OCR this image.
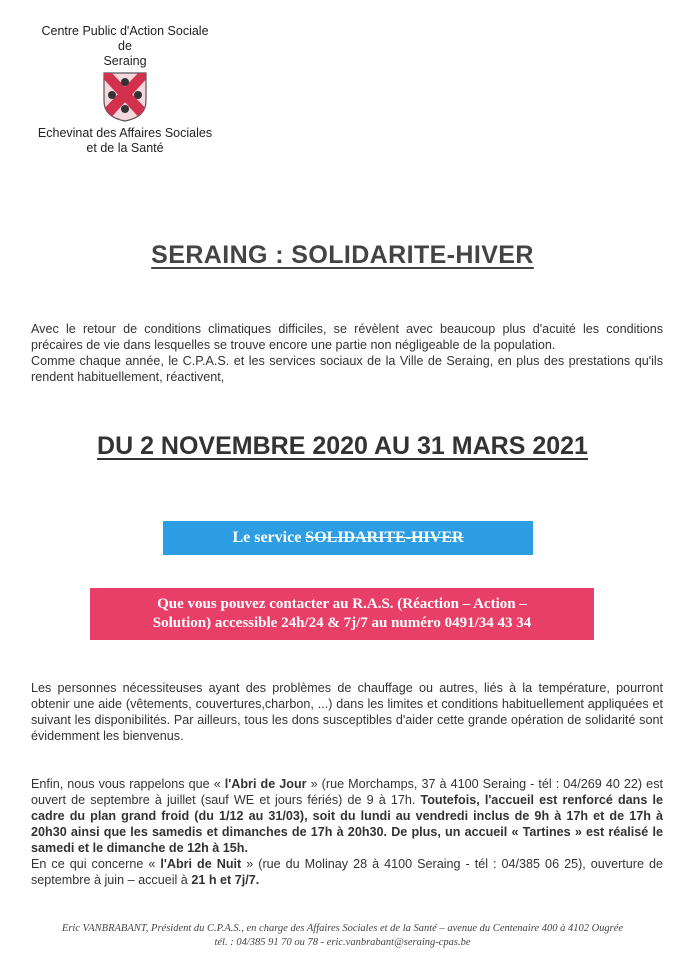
Centre Public d'Action Sociale
de
Seraing
Echevinat des Affaires Sociales
et de la Santé
SERAING : SOLIDARITE-HIVER
Avec le retour de conditions climatiques difficiles, se révèlent avec beaucoup plus d'acuité les conditions précaires de vie dans lesquelles se trouve encore une partie non négligeable de la population.
Comme chaque année, le C.P.A.S. et les services sociaux de la Ville de Seraing, en plus des prestations qu'ils rendent habituellement, réactivent,
DU 2 NOVEMBRE 2020 AU 31 MARS 2021
Le service SOLIDARITE-HIVER
Que vous pouvez contacter au R.A.S. (Réaction – Action –
Solution) accessible 24h/24 & 7j/7 au numéro 0491/34 43 34
Les personnes nécessiteuses ayant des problèmes de chauffage ou autres, liés à la température, pourront obtenir une aide (vêtements, couvertures,charbon, ...) dans les limites et conditions habituellement appliquées et suivant les disponibilités. Par ailleurs, tous les dons susceptibles d'aider cette grande opération de solidarité sont évidemment les bienvenus.
Enfin, nous vous rappelons que « l'Abri de Jour » (rue Morchamps, 37 à 4100 Seraing - tél : 04/269 40 22) est ouvert de septembre à juillet (sauf WE et jours fériés) de 9 à 17h. Toutefois, l'accueil est renforcé dans le cadre du plan grand froid (du 1/12 au 31/03), soit du lundi au vendredi inclus de 9h à 17h et de 17h à 20h30 ainsi que les samedis et dimanches de 17h à 20h30. De plus, un accueil « Tartines » est réalisé le samedi et le dimanche de 12h à 15h.
En ce qui concerne « l'Abri de Nuit » (rue du Molinay 28 à 4100 Seraing - tél : 04/385 06 25), ouverture de septembre à juin – accueil à 21 h et 7j/7.
Eric VANBRABANT, Président du C.P.A.S., en charge des Affaires Sociales et de la Santé – avenue du Centenaire 400 à 4102 Ougrée
tél. : 04/385 91 70 ou 78 - eric.vanbrabant@seraing-cpas.be
